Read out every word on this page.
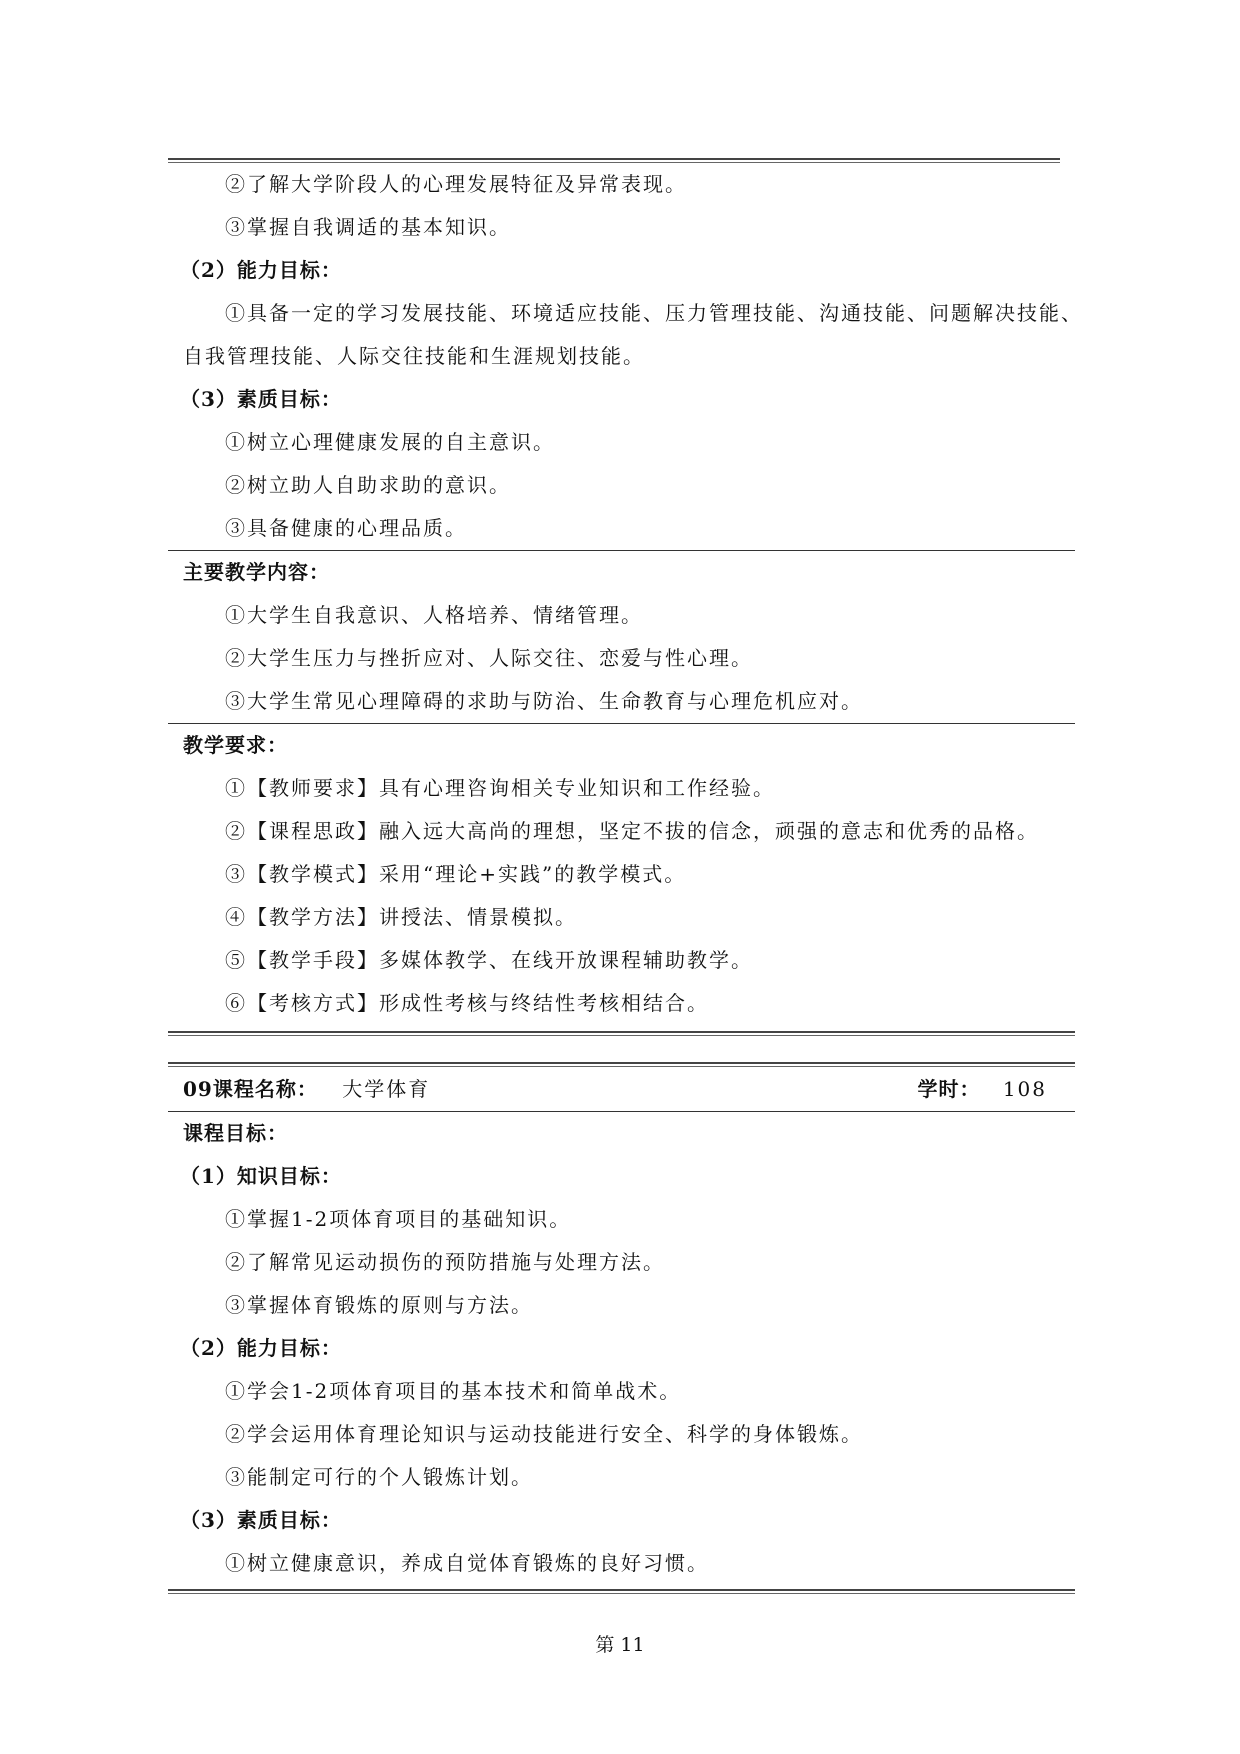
②了解大学阶段人的心理发展特征及异常表现。
③掌握自我调适的基本知识。
（2）能力目标：
①具备一定的学习发展技能、环境适应技能、压力管理技能、沟通技能、问题解决技能、
自我管理技能、人际交往技能和生涯规划技能。
（3）素质目标：
①树立心理健康发展的自主意识。
②树立助人自助求助的意识。
③具备健康的心理品质。
主要教学内容：
①大学生自我意识、人格培养、情绪管理。
②大学生压力与挫折应对、人际交往、恋爱与性心理。
③大学生常见心理障碍的求助与防治、生命教育与心理危机应对。
教学要求：
①【教师要求】具有心理咨询相关专业知识和工作经验。
②【课程思政】融入远大高尚的理想，坚定不拔的信念，顽强的意志和优秀的品格。
③【教学模式】采用“理论+实践”的教学模式。
④【教学方法】讲授法、情景模拟。
⑤【教学手段】多媒体教学、在线开放课程辅助教学。
⑥【考核方式】形成性考核与终结性考核相结合。
09课程名称： 大学体育	学时： 108
课程目标：
（1）知识目标：
①掌握1-2项体育项目的基础知识。
②了解常见运动损伤的预防措施与处理方法。
③掌握体育锻炼的原则与方法。
（2）能力目标：
①学会1-2项体育项目的基本技术和简单战术。
②学会运用体育理论知识与运动技能进行安全、科学的身体锻炼。
③能制定可行的个人锻炼计划。
（3）素质目标：
①树立健康意识，养成自觉体育锻炼的良好习惯。
第 11
